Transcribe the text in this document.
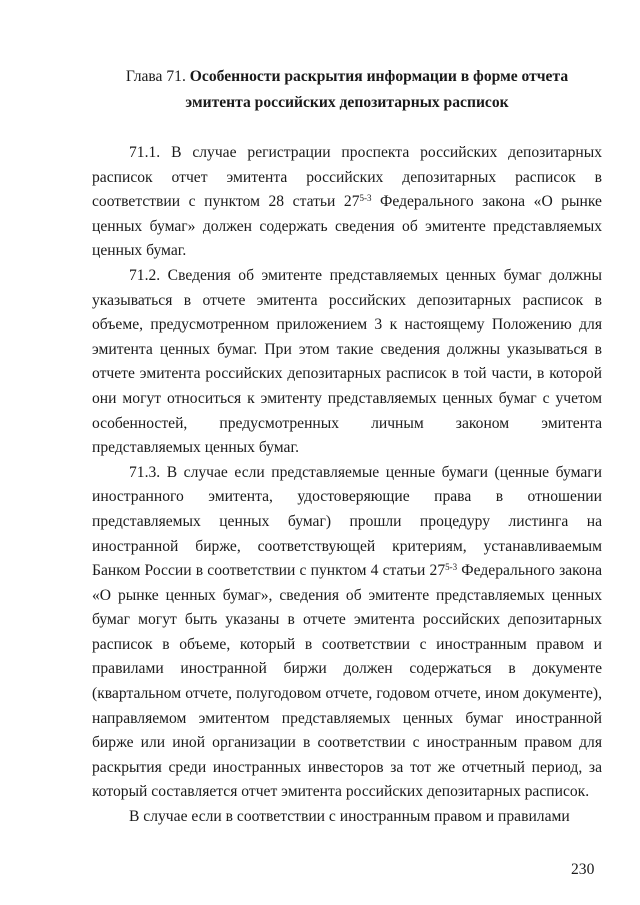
Глава 71. Особенности раскрытия информации в форме отчета эмитента российских депозитарных расписок

71.1. В случае регистрации проспекта российских депозитарных расписок отчет эмитента российских депозитарных расписок в соответствии с пунктом 28 статьи 27$^{5-3}$ Федерального закона «О рынке ценных бумаг» должен содержать сведения об эмитенте представляемых ценных бумаг.

71.2. Сведения об эмитенте представляемых ценных бумаг должны указываться в отчете эмитента российских депозитарных расписок в объеме, предусмотренном приложением 3 к настоящему Положению для эмитента ценных бумаг. При этом такие сведения должны указываться в отчете эмитента российских депозитарных расписок в той части, в которой они могут относиться к эмитенту представляемых ценных бумаг с учетом особенностей, предусмотренных личным законом эмитента представляемых ценных бумаг.

71.3. В случае если представляемые ценные бумаги (ценные бумаги иностранного эмитента, удостоверяющие права в отношении представляемых ценных бумаг) прошли процедуру листинга на иностранной бирже, соответствующей критериям, устанавливаемым Банком России в соответствии с пунктом 4 статьи 27$^{5-3}$ Федерального закона «О рынке ценных бумаг», сведения об эмитенте представляемых ценных бумаг могут быть указаны в отчете эмитента российских депозитарных расписок в объеме, который в соответствии с иностранным правом и правилами иностранной биржи должен содержаться в документе (квартальном отчете, полугодовом отчете, годовом отчете, ином документе), направляемом эмитентом представляемых ценных бумаг иностранной бирже или иной организации в соответствии с иностранным правом для раскрытия среди иностранных инвесторов за тот же отчетный период, за который составляется отчет эмитента российских депозитарных расписок.

В случае если в соответствии с иностранным правом и правилами

230
